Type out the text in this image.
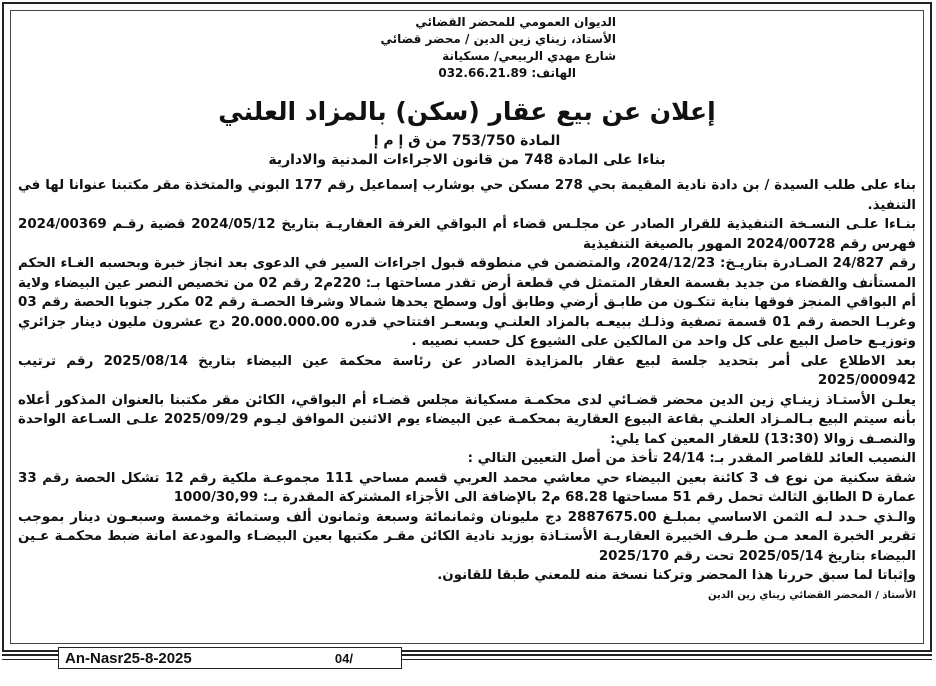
الديوان العمومي للمحضر القضائي
الأستاذ، زيناي زين الدين / محضر قضائي
شارع مهدي الربيعي/ مسكيانة
الهاتف: 032.66.21.89
إعلان عن بيع عقار (سكن) بالمزاد العلني

المادة 753/750 من ق إ م إ

بناءا على المادة 748 من قانون الاجراءات المدنية والادارية

بناء على طلب السيدة / بن دادة نادية المقيمة بحي 278 مسكن حي بوشارب إسماعيل رقم 177 البوني والمتخذة مقر مكتبنا عنوانا لها في التنفيذ.

بنـاءا علـى النسـخة التنفيذية للقرار الصادر عن مجلـس قضاء أم البواقي الغرفة العقاريـة بتاريخ 2024/05/12 قضية رقـم 2024/00369 فهرس رقم 2024/00728 المهور بالصيغة التنفيذية

رقم 24/827 الصـادرة بتاريـخ: 2024/12/23، والمتضمن في منطوقه قبول اجراءات السير في الدعوى بعد انجاز خبرة وبحسبه الغـاء الحكم المستأنف والقضاء من جديد بقسمة العقار المتمثل في قطعة أرض تقدر مساحتها بـ: 220م2 رقم 02 من تخصيص النصر عين البيضاء ولاية أم البواقي المنجز فوقها بناية تتكـون من طابـق أرضي وطابق أول وسطح يحدها شمالا وشرقا الحصـة رقم 02 مكرر جنوبا الحصة رقم 03 وغربـا الحصة رقم 01 قسمة تصفية وذلـك ببيعـه بالمزاد العلنـي وبسعـر افتتاحي قدره 20.000.000.00 دج عشرون مليون دينار جزائري وتوزيـع حاصل البيع على كل واحد من المالكين على الشيوع كل حسب نصيبه .

بعد الاطلاع على أمر بتحديد جلسة لبيع عقار بالمزايدة الصادر عن رئاسة محكمة عين البيضاء بتاريخ 2025/08/14 رقم ترتيب 2025/000942

يعلـن الأستـاذ زينـاي زين الدين محضر قضـائي لدى محكمـة مسكيانة مجلس قضـاء أم البواقي، الكائن مقر مكتبنا بالعنوان المذكور أعلاه بأنه سيتم البيع بـالمـزاد العلنـي بقاعة البيوع العقارية بمحكمـة عين البيضاء يوم الاثنين الموافق ليـوم 2025/09/29 علـى السـاعة الواحدة والنصـف زوالا (13:30) للعقار المعين كما يلي:

النصيب العائد للقاصر المقدر بـ: 24/14 تأخذ من أصل التعيين التالي :

شقة سكنية من نوع ف 3 كائنة بعين البيضاء حي معاشي محمد العربي قسم مساحي 111 مجموعـة ملكية رقم 12 تشكل الحصة رقم 33 عمارة D الطابق الثالث تحمل رقم 51 مساحتها 68.28 م2 بالإضافة الى الأجزاء المشتركة المقدرة بـ: 1000/30,99

والـذي حـدد لـه الثمن الاساسي بمبلـغ 2887675.00 دج مليونان وثمانمائة وسبعة وثمانون ألف وستمائة وخمسة وسبعـون دينار بموجب تقرير الخبرة المعد مـن طـرف الخبيرة العقاريـة الأستـاذة بوزيد نادية الكائن مقـر مكتبها بعين البيضـاء والمودعة امانة ضبط محكمـة عـين البيضاء بتاريخ 2025/05/14 تحت رقم 2025/170

وإثباتا لما سبق حررنا هذا المحضر وتركنا نسخة منه للمعني طبقا للقانون.

الأستاذ / المحضر القضائي زيناي زين الدين
An-Nasr25-8-2025	04/
